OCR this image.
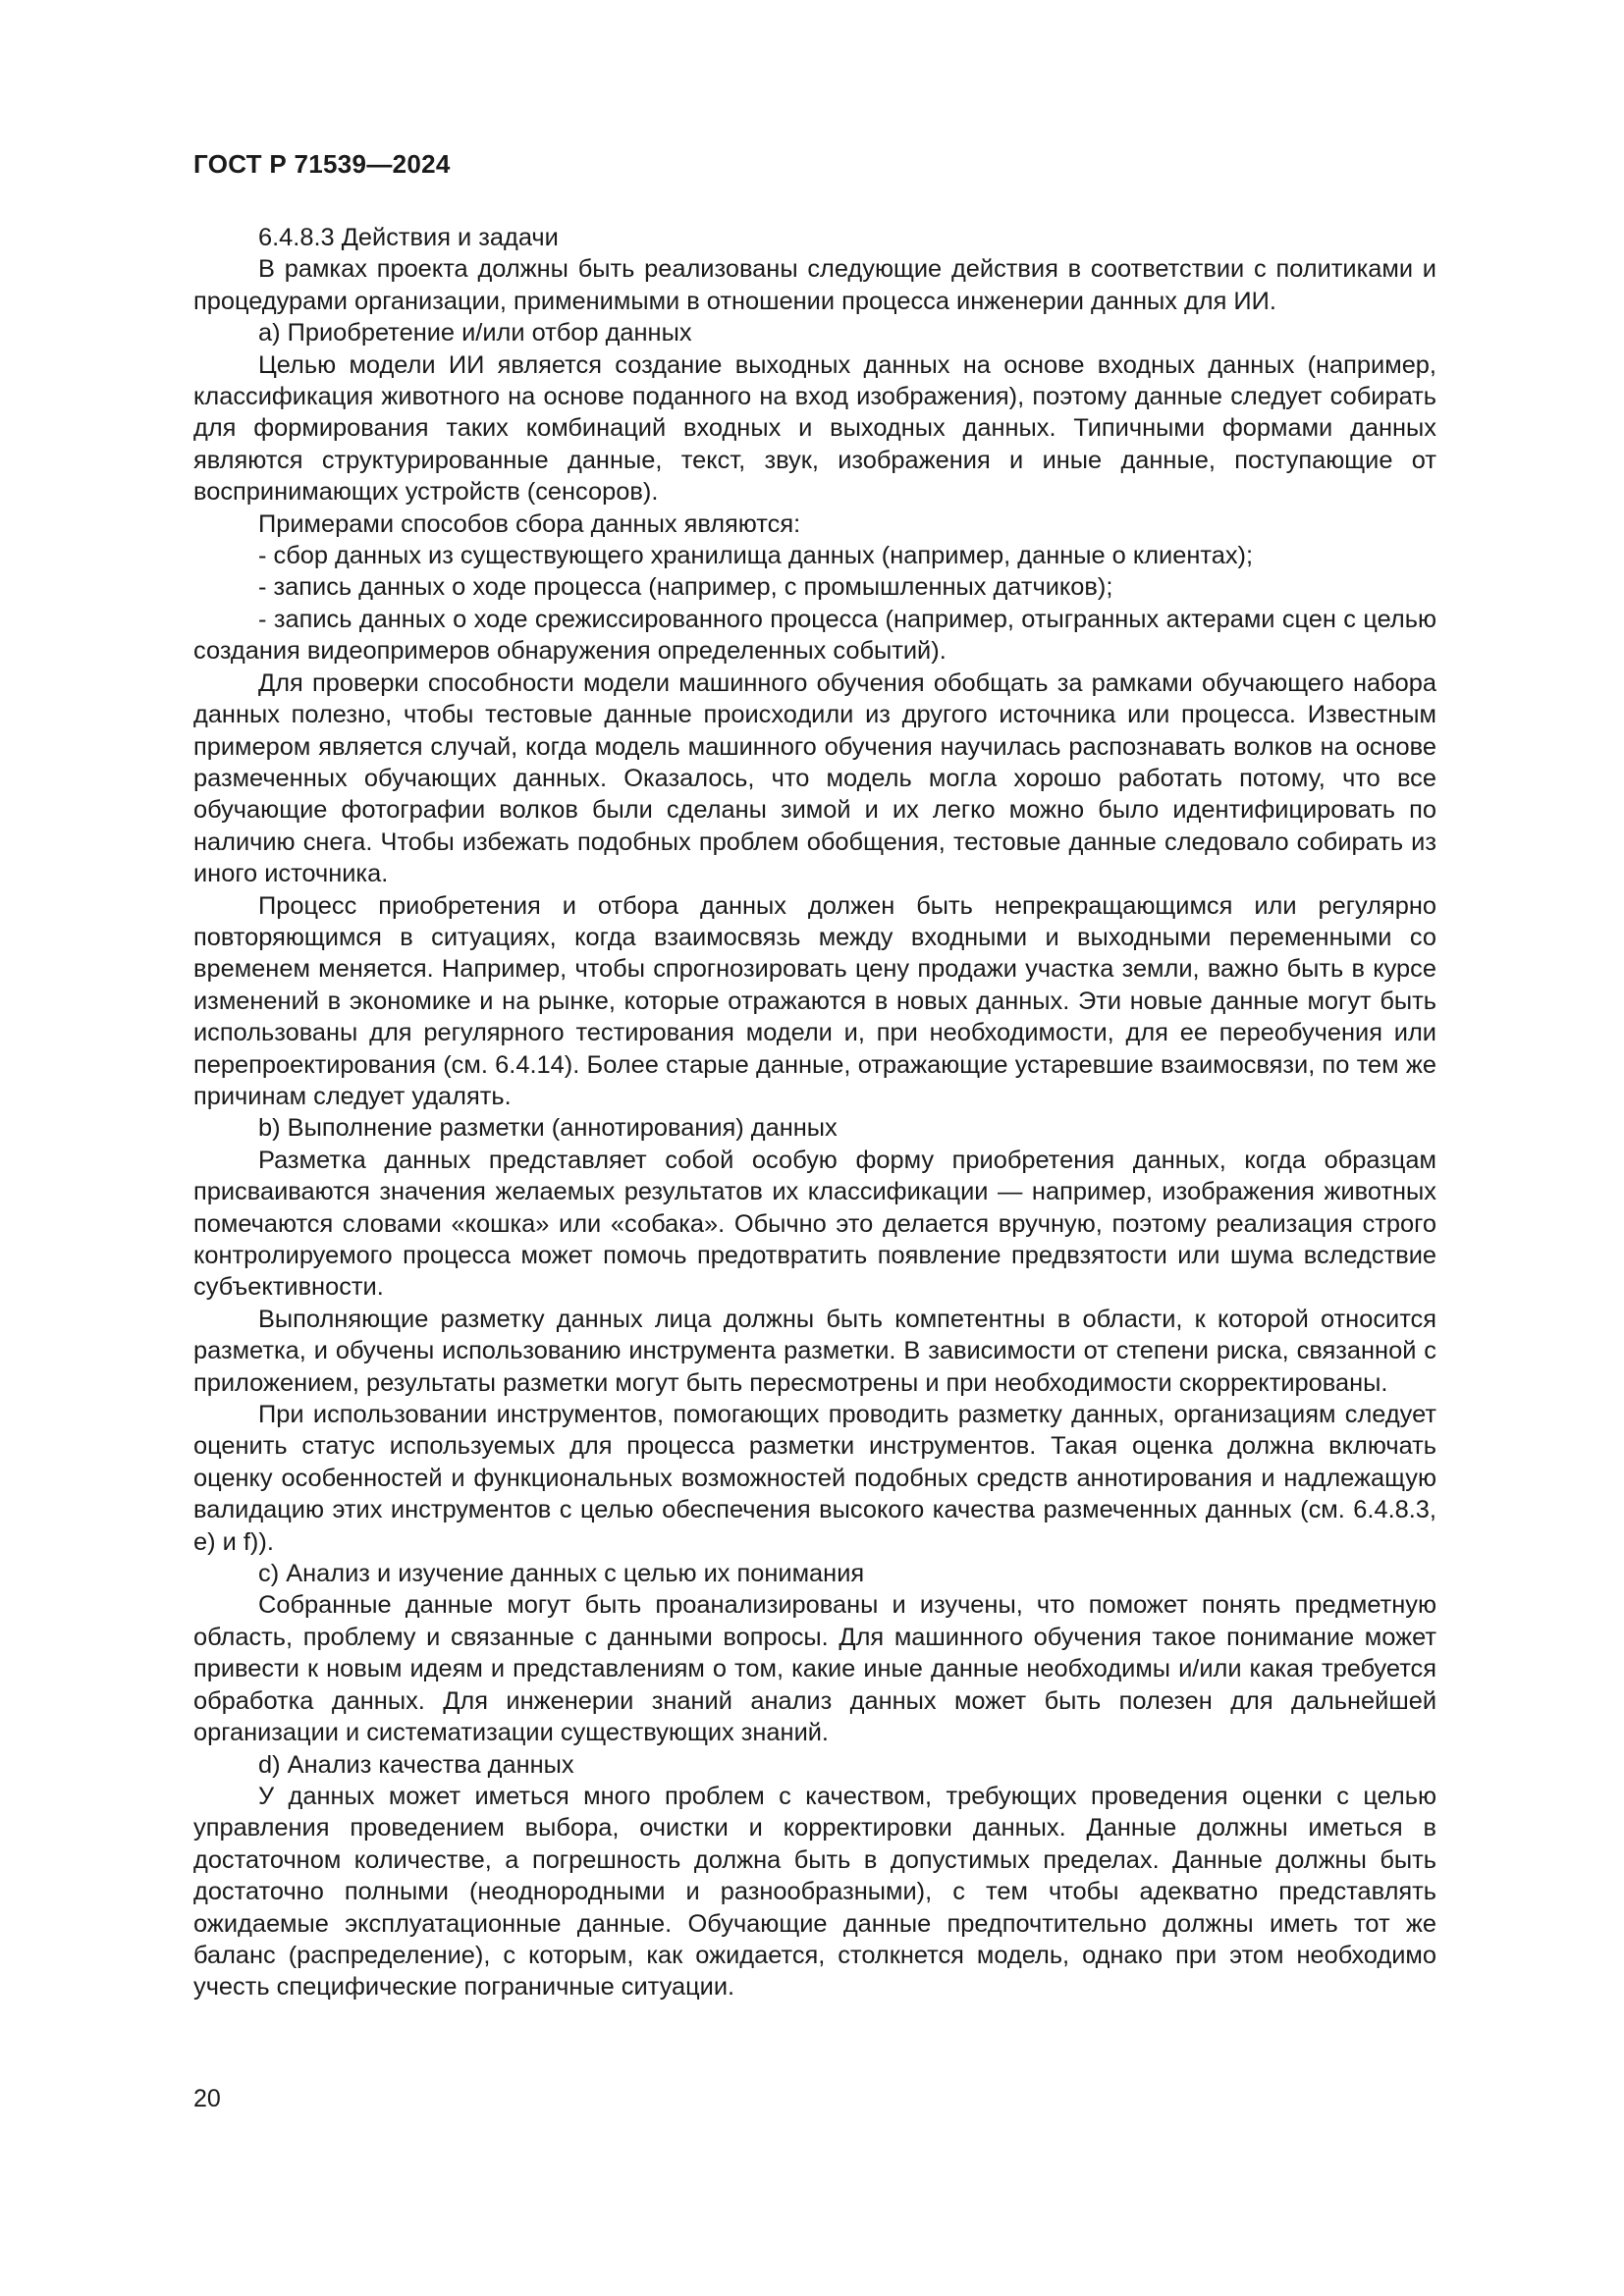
ГОСТ Р 71539—2024

6.4.8.3 Действия и задачи

В рамках проекта должны быть реализованы следующие действия в соответствии с политиками и процедурами организации, применимыми в отношении процесса инженерии данных для ИИ.

а) Приобретение и/или отбор данных

Целью модели ИИ является создание выходных данных на основе входных данных (например, классификация животного на основе поданного на вход изображения), поэтому данные следует собирать для формирования таких комбинаций входных и выходных данных. Типичными формами данных являются структурированные данные, текст, звук, изображения и иные данные, поступающие от воспринимающих устройств (сенсоров).

Примерами способов сбора данных являются:

- сбор данных из существующего хранилища данных (например, данные о клиентах);

- запись данных о ходе процесса (например, с промышленных датчиков);

- запись данных о ходе срежиссированного процесса (например, отыгранных актерами сцен с целью создания видеопримеров обнаружения определенных событий).

Для проверки способности модели машинного обучения обобщать за рамками обучающего набора данных полезно, чтобы тестовые данные происходили из другого источника или процесса. Известным примером является случай, когда модель машинного обучения научилась распознавать волков на основе размеченных обучающих данных. Оказалось, что модель могла хорошо работать потому, что все обучающие фотографии волков были сделаны зимой и их легко можно было идентифицировать по наличию снега. Чтобы избежать подобных проблем обобщения, тестовые данные следовало собирать из иного источника.

Процесс приобретения и отбора данных должен быть непрекращающимся или регулярно повторяющимся в ситуациях, когда взаимосвязь между входными и выходными переменными со временем меняется. Например, чтобы спрогнозировать цену продажи участка земли, важно быть в курсе изменений в экономике и на рынке, которые отражаются в новых данных. Эти новые данные могут быть использованы для регулярного тестирования модели и, при необходимости, для ее переобучения или перепроектирования (см. 6.4.14). Более старые данные, отражающие устаревшие взаимосвязи, по тем же причинам следует удалять.

b) Выполнение разметки (аннотирования) данных

Разметка данных представляет собой особую форму приобретения данных, когда образцам присваиваются значения желаемых результатов их классификации — например, изображения животных помечаются словами «кошка» или «собака». Обычно это делается вручную, поэтому реализация строго контролируемого процесса может помочь предотвратить появление предвзятости или шума вследствие субъективности.

Выполняющие разметку данных лица должны быть компетентны в области, к которой относится разметка, и обучены использованию инструмента разметки. В зависимости от степени риска, связанной с приложением, результаты разметки могут быть пересмотрены и при необходимости скорректированы.

При использовании инструментов, помогающих проводить разметку данных, организациям следует оценить статус используемых для процесса разметки инструментов. Такая оценка должна включать оценку особенностей и функциональных возможностей подобных средств аннотирования и надлежащую валидацию этих инструментов с целью обеспечения высокого качества размеченных данных (см. 6.4.8.3, е) и f)).

с) Анализ и изучение данных с целью их понимания

Собранные данные могут быть проанализированы и изучены, что поможет понять предметную область, проблему и связанные с данными вопросы. Для машинного обучения такое понимание может привести к новым идеям и представлениям о том, какие иные данные необходимы и/или какая требуется обработка данных. Для инженерии знаний анализ данных может быть полезен для дальнейшей организации и систематизации существующих знаний.

d) Анализ качества данных

У данных может иметься много проблем с качеством, требующих проведения оценки с целью управления проведением выбора, очистки и корректировки данных. Данные должны иметься в достаточном количестве, а погрешность должна быть в допустимых пределах. Данные должны быть достаточно полными (неоднородными и разнообразными), с тем чтобы адекватно представлять ожидаемые эксплуатационные данные. Обучающие данные предпочтительно должны иметь тот же баланс (распределение), с которым, как ожидается, столкнется модель, однако при этом необходимо учесть специфические пограничные ситуации.

20
